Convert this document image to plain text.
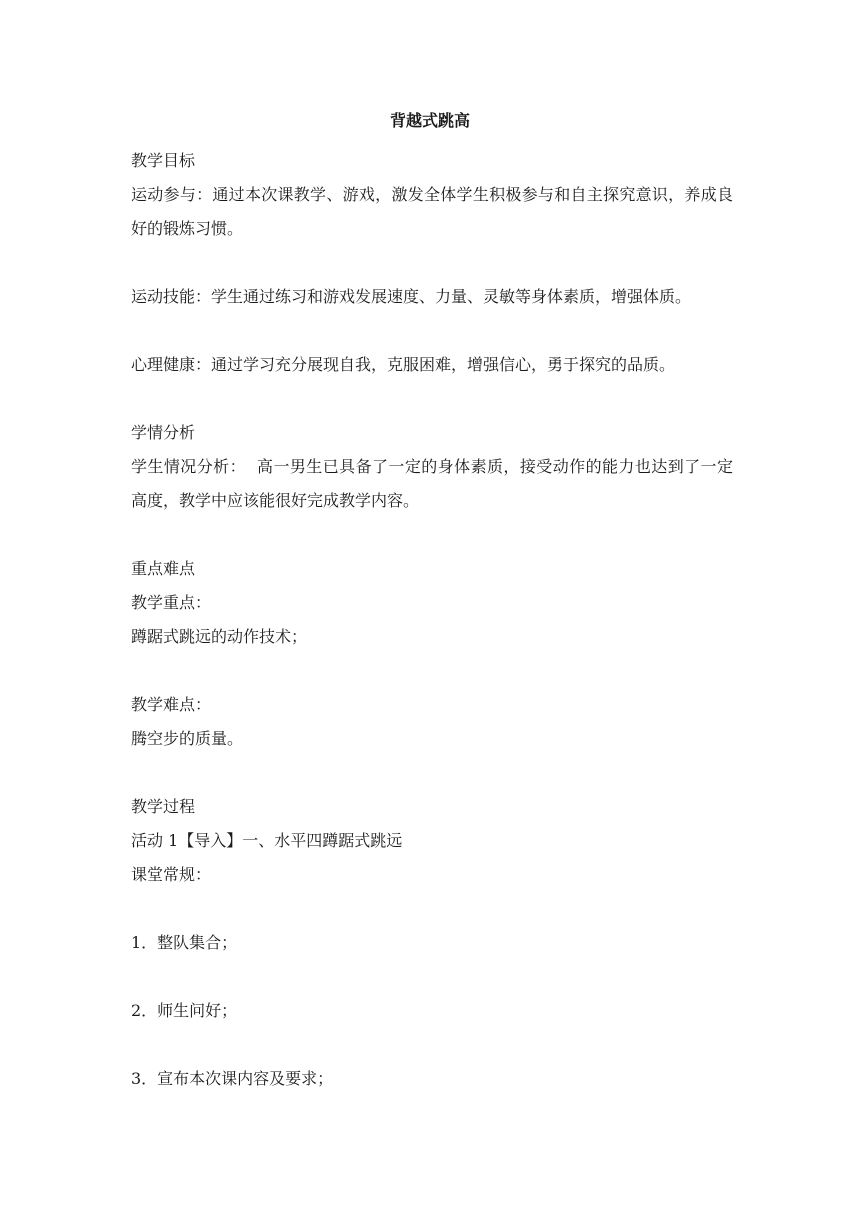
背越式跳高

教学目标

运动参与：通过本次课教学、游戏，激发全体学生积极参与和自主探究意识，养成良好的锻炼习惯。

运动技能：学生通过练习和游戏发展速度、力量、灵敏等身体素质，增强体质。

心理健康：通过学习充分展现自我，克服困难，增强信心，勇于探究的品质。

学情分析

学生情况分析：  高一男生已具备了一定的身体素质，接受动作的能力也达到了一定高度，教学中应该能很好完成教学内容。

重点难点

教学重点：

蹲踞式跳远的动作技术；

教学难点：

腾空步的质量。

教学过程

活动 1【导入】一、水平四蹲踞式跳远

课堂常规：

1．整队集合；

2．师生问好；

3．宣布本次课内容及要求；
